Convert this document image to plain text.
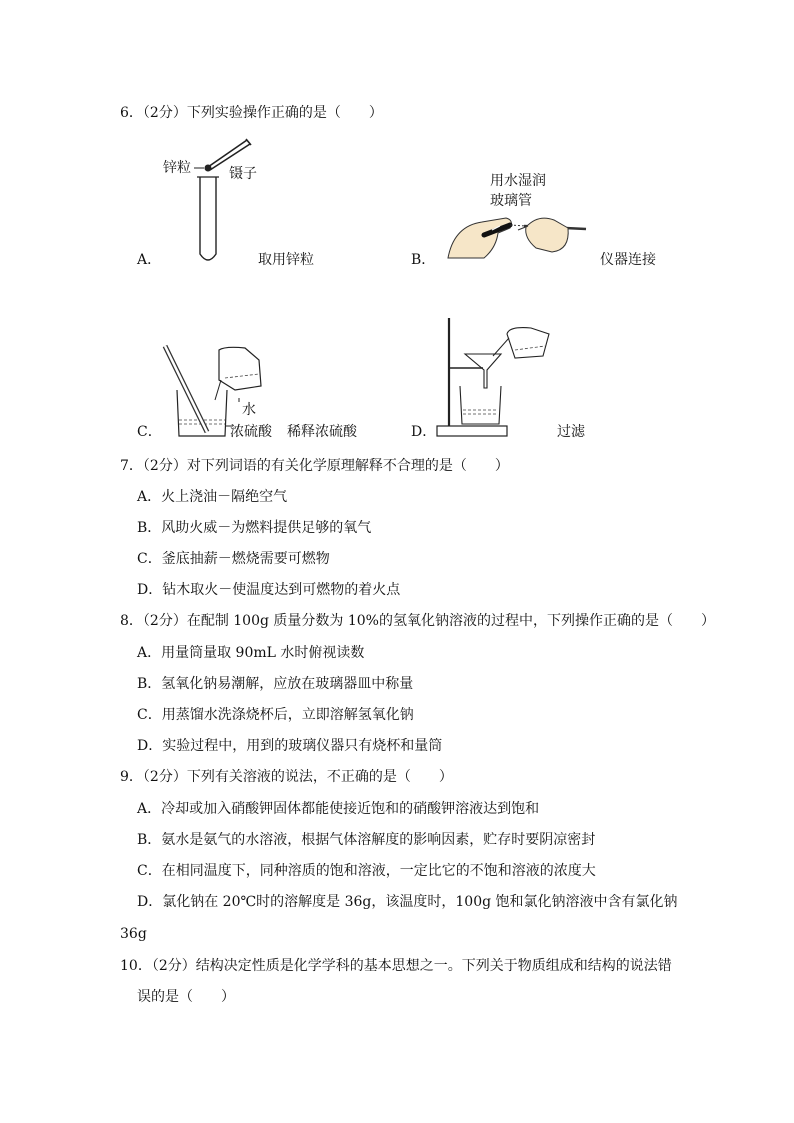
6．（2分）下列实验操作正确的是（　　）
锌粒	镊子
A．	取用锌粒
用水湿润
玻璃管
B．	仪器连接
水
浓硫酸
C．	稀释浓硫酸	D．	过滤
7．（2分）对下列词语的有关化学原理解释不合理的是（　　）
A．火上浇油－隔绝空气
B．风助火威－为燃料提供足够的氧气
C．釜底抽薪－燃烧需要可燃物
D．钻木取火－使温度达到可燃物的着火点
8．（2分）在配制 100g 质量分数为 10%的氢氧化钠溶液的过程中，下列操作正确的是（　　）
A．用量筒量取 90mL 水时俯视读数
B．氢氧化钠易潮解，应放在玻璃器皿中称量
C．用蒸馏水洗涤烧杯后，立即溶解氢氧化钠
D．实验过程中，用到的玻璃仪器只有烧杯和量筒
9．（2分）下列有关溶液的说法，不正确的是（　　）
A．冷却或加入硝酸钾固体都能使接近饱和的硝酸钾溶液达到饱和
B．氨水是氨气的水溶液，根据气体溶解度的影响因素，贮存时要阴凉密封
C．在相同温度下，同种溶质的饱和溶液，一定比它的不饱和溶液的浓度大
D．氯化钠在 20℃时的溶解度是 36g，该温度时，100g 饱和氯化钠溶液中含有氯化钠
36g
10．（2分）结构决定性质是化学学科的基本思想之一。下列关于物质组成和结构的说法错
误的是（　　）
